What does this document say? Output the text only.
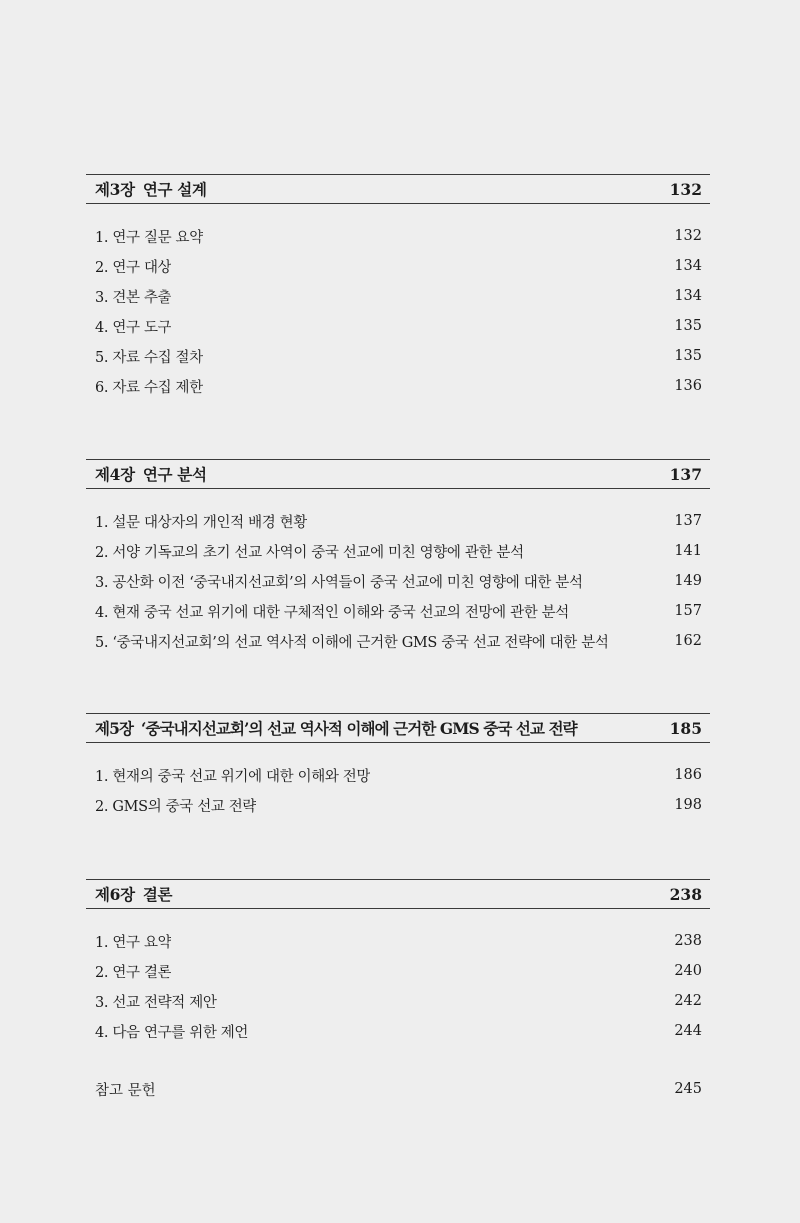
제3장 연구 설계	132
1. 연구 질문 요약	132
2. 연구 대상	134
3. 견본 추출	134
4. 연구 도구	135
5. 자료 수집 절차	135
6. 자료 수집 제한	136
제4장 연구 분석	137
1. 설문 대상자의 개인적 배경 현황	137
2. 서양 기독교의 초기 선교 사역이 중국 선교에 미친 영향에 관한 분석	141
3. 공산화 이전 ‘중국내지선교회’의 사역들이 중국 선교에 미친 영향에 대한 분석	149
4. 현재 중국 선교 위기에 대한 구체적인 이해와 중국 선교의 전망에 관한 분석	157
5. ‘중국내지선교회’의 선교 역사적 이해에 근거한 GMS 중국 선교 전략에 대한 분석	162
제5장 ‘중국내지선교회’의 선교 역사적 이해에 근거한 GMS 중국 선교 전략	185
1. 현재의 중국 선교 위기에 대한 이해와 전망	186
2. GMS의 중국 선교 전략	198
제6장 결론	238
1. 연구 요약	238
2. 연구 결론	240
3. 선교 전략적 제안	242
4. 다음 연구를 위한 제언	244
참고 문헌	245
